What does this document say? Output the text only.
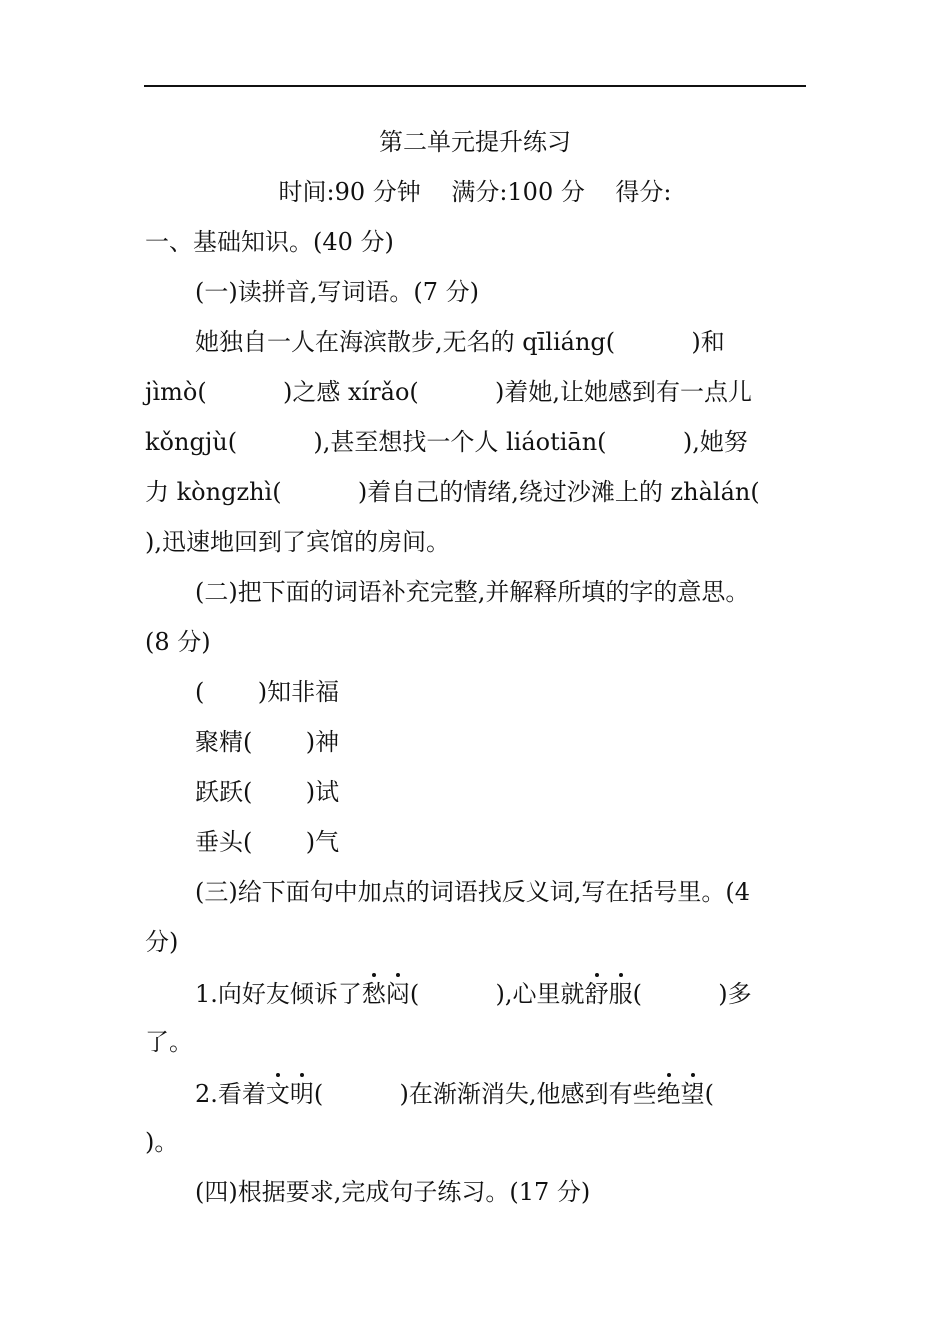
第二单元提升练习
时间:90 分钟    满分:100 分    得分:
一、基础知识。(40 分)
(一)读拼音,写词语。(7 分)
她独自一人在海滨散步,无名的 qīliáng(          )和
jìmò(          )之感 xírǎo(          )着她,让她感到有一点儿
kǒngjù(          ),甚至想找一个人 liáotiān(          ),她努
力 kòngzhì(          )着自己的情绪,绕过沙滩上的 zhàlán(
),迅速地回到了宾馆的房间。
(二)把下面的词语补充完整,并解释所填的字的意思。
(8 分)
(       )知非福
聚精(       )神
跃跃(       )试
垂头(       )气
(三)给下面句中加点的词语找反义词,写在括号里。(4
分)
1.向好友倾诉了愁闷(          ),心里就舒服(          )多
了。
2.看着文明(          )在渐渐消失,他感到有些绝望(
)。
(四)根据要求,完成句子练习。(17 分)
